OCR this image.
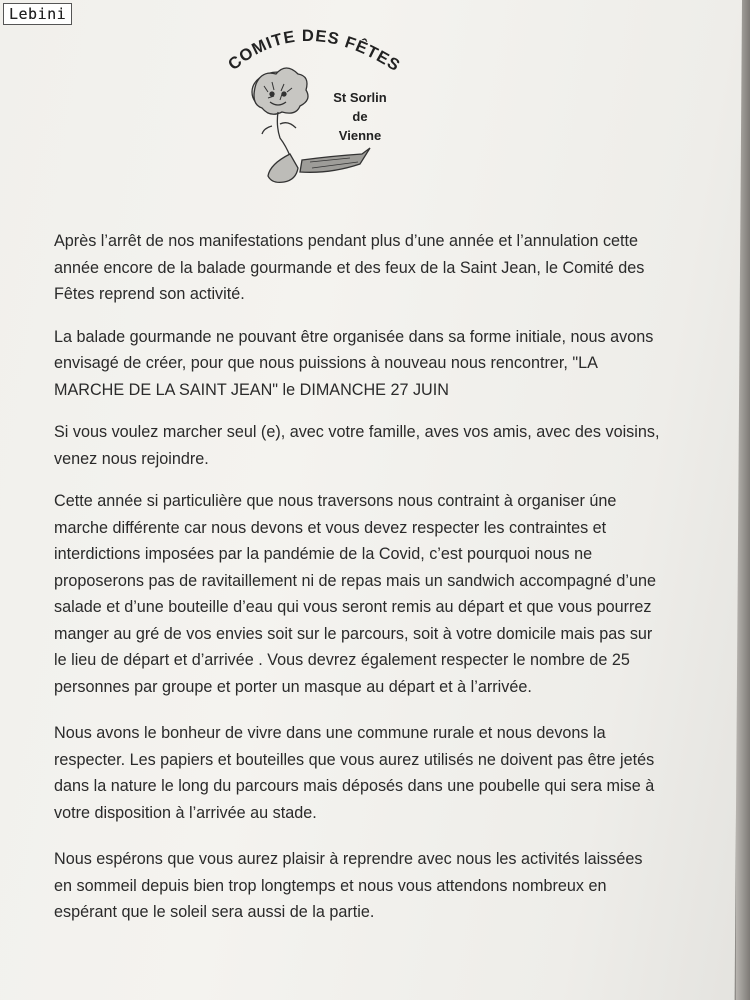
Lebini
COMITE DES FÊTES
St Sorlin
de
Vienne

Après l’arrêt de nos manifestations pendant plus d’une année et l’annulation cette année encore de la balade gourmande et des feux de la Saint Jean, le Comité des Fêtes reprend son activité.

La balade gourmande ne pouvant être organisée dans sa forme initiale, nous avons envisagé de créer, pour que nous puissions à nouveau nous rencontrer, "LA MARCHE DE LA SAINT JEAN" le DIMANCHE 27 JUIN

Si vous voulez marcher seul (e), avec votre famille, aves vos amis, avec des voisins, venez nous rejoindre.

Cette année si particulière que nous traversons nous contraint à organiser úne marche différente car nous devons et vous devez respecter les contraintes et interdictions imposées par la pandémie de la Covid, c’est pourquoi nous ne proposerons pas de ravitaillement ni de repas mais un sandwich accompagné d’une salade et d’une bouteille d’eau qui vous seront remis au départ et que vous pourrez manger au gré de vos envies soit sur le parcours, soit à votre domicile mais pas sur le lieu de départ et d’arrivée . Vous devrez également respecter le nombre de 25 personnes par groupe et porter un masque au départ et à l’arrivée.

Nous avons le bonheur de vivre dans une commune rurale et nous devons la respecter. Les papiers et bouteilles que vous aurez utilisés ne doivent pas être jetés dans la nature le long du parcours mais déposés dans une poubelle qui sera mise à votre disposition à l’arrivée au stade.

Nous espérons que vous aurez plaisir à reprendre avec nous les activités laissées en sommeil depuis bien trop longtemps et nous vous attendons nombreux en espérant que le soleil sera aussi de la partie.
